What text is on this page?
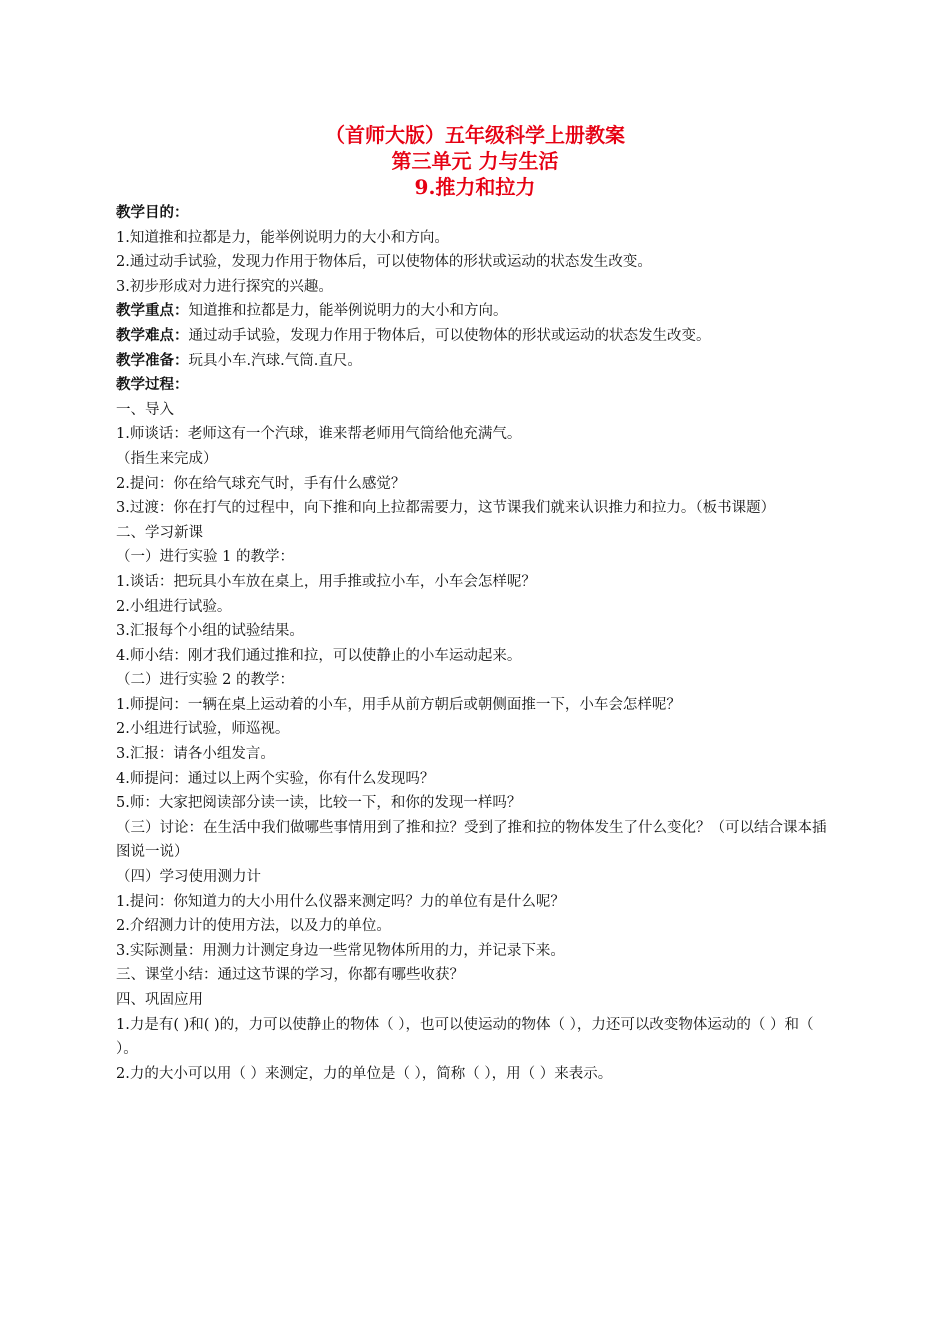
（首师大版）五年级科学上册教案
第三单元 力与生活
9.推力和拉力
教学目的：
1.知道推和拉都是力，能举例说明力的大小和方向。
2.通过动手试验，发现力作用于物体后，可以使物体的形状或运动的状态发生改变。
3.初步形成对力进行探究的兴趣。
教学重点：知道推和拉都是力，能举例说明力的大小和方向。
教学难点：通过动手试验，发现力作用于物体后，可以使物体的形状或运动的状态发生改变。
教学准备：玩具小车.汽球.气筒.直尺。
教学过程：
一、导入
1.师谈话：老师这有一个汽球，谁来帮老师用气筒给他充满气。
（指生来完成）
2.提问：你在给气球充气时，手有什么感觉？
3.过渡：你在打气的过程中，向下推和向上拉都需要力，这节课我们就来认识推力和拉力。（板书课题）
二、学习新课
（一）进行实验 1 的教学：
1.谈话：把玩具小车放在桌上，用手推或拉小车，小车会怎样呢？
2.小组进行试验。
3.汇报每个小组的试验结果。
4.师小结：刚才我们通过推和拉，可以使静止的小车运动起来。
（二）进行实验 2 的教学：
1.师提问：一辆在桌上运动着的小车，用手从前方朝后或朝侧面推一下，小车会怎样呢？
2.小组进行试验，师巡视。
3.汇报：请各小组发言。
4.师提问：通过以上两个实验，你有什么发现吗？
5.师：大家把阅读部分读一读，比较一下，和你的发现一样吗？
（三）讨论：在生活中我们做哪些事情用到了推和拉？受到了推和拉的物体发生了什么变化？（可以结合课本插图说一说）
（四）学习使用测力计
1.提问：你知道力的大小用什么仪器来测定吗？力的单位有是什么呢？
2.介绍测力计的使用方法，以及力的单位。
3.实际测量：用测力计测定身边一些常见物体所用的力，并记录下来。
三、课堂小结：通过这节课的学习，你都有哪些收获？
四、巩固应用
1.力是有( )和( )的，力可以使静止的物体（ ），也可以使运动的物体（ ），力还可以改变物体运动的（ ）和（ ）。
2.力的大小可以用（ ）来测定，力的单位是（ ），简称（ ），用（ ）来表示。
